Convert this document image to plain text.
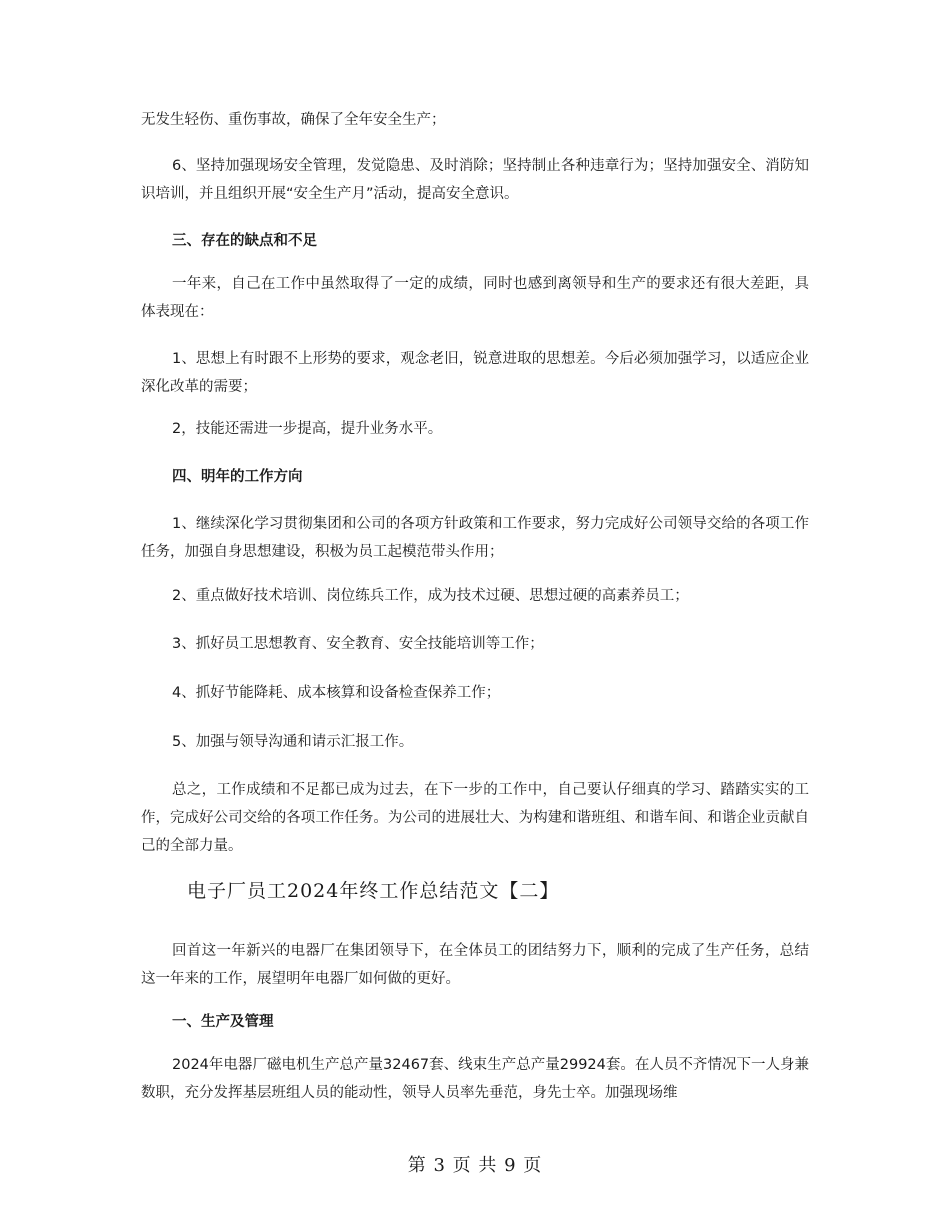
无发生轻伤、重伤事故，确保了全年安全生产；

6、坚持加强现场安全管理，发觉隐患、及时消除；坚持制止各种违章行为；坚持加强安全、消防知识培训，并且组织开展“安全生产月”活动，提高安全意识。

三、存在的缺点和不足

一年来，自己在工作中虽然取得了一定的成绩，同时也感到离领导和生产的要求还有很大差距，具体表现在：

1、思想上有时跟不上形势的要求，观念老旧，锐意进取的思想差。今后必须加强学习，以适应企业深化改革的需要；

2，技能还需进一步提高，提升业务水平。

四、明年的工作方向

1、继续深化学习贯彻集团和公司的各项方针政策和工作要求，努力完成好公司领导交给的各项工作任务，加强自身思想建设，积极为员工起模范带头作用；

2、重点做好技术培训、岗位练兵工作，成为技术过硬、思想过硬的高素养员工；

3、抓好员工思想教育、安全教育、安全技能培训等工作；

4、抓好节能降耗、成本核算和设备检查保养工作；

5、加强与领导沟通和请示汇报工作。

总之，工作成绩和不足都已成为过去，在下一步的工作中，自己要认仔细真的学习、踏踏实实的工作，完成好公司交给的各项工作任务。为公司的进展壮大、为构建和谐班组、和谐车间、和谐企业贡献自己的全部力量。

电子厂员工2024年终工作总结范文【二】

回首这一年新兴的电器厂在集团领导下，在全体员工的团结努力下，顺利的完成了生产任务，总结这一年来的工作，展望明年电器厂如何做的更好。

一、生产及管理

2024年电器厂磁电机生产总产量32467套、线束生产总产量29924套。在人员不齐情况下一人身兼数职，充分发挥基层班组人员的能动性，领导人员率先垂范，身先士卒。加强现场维

第 3 页 共 9 页
